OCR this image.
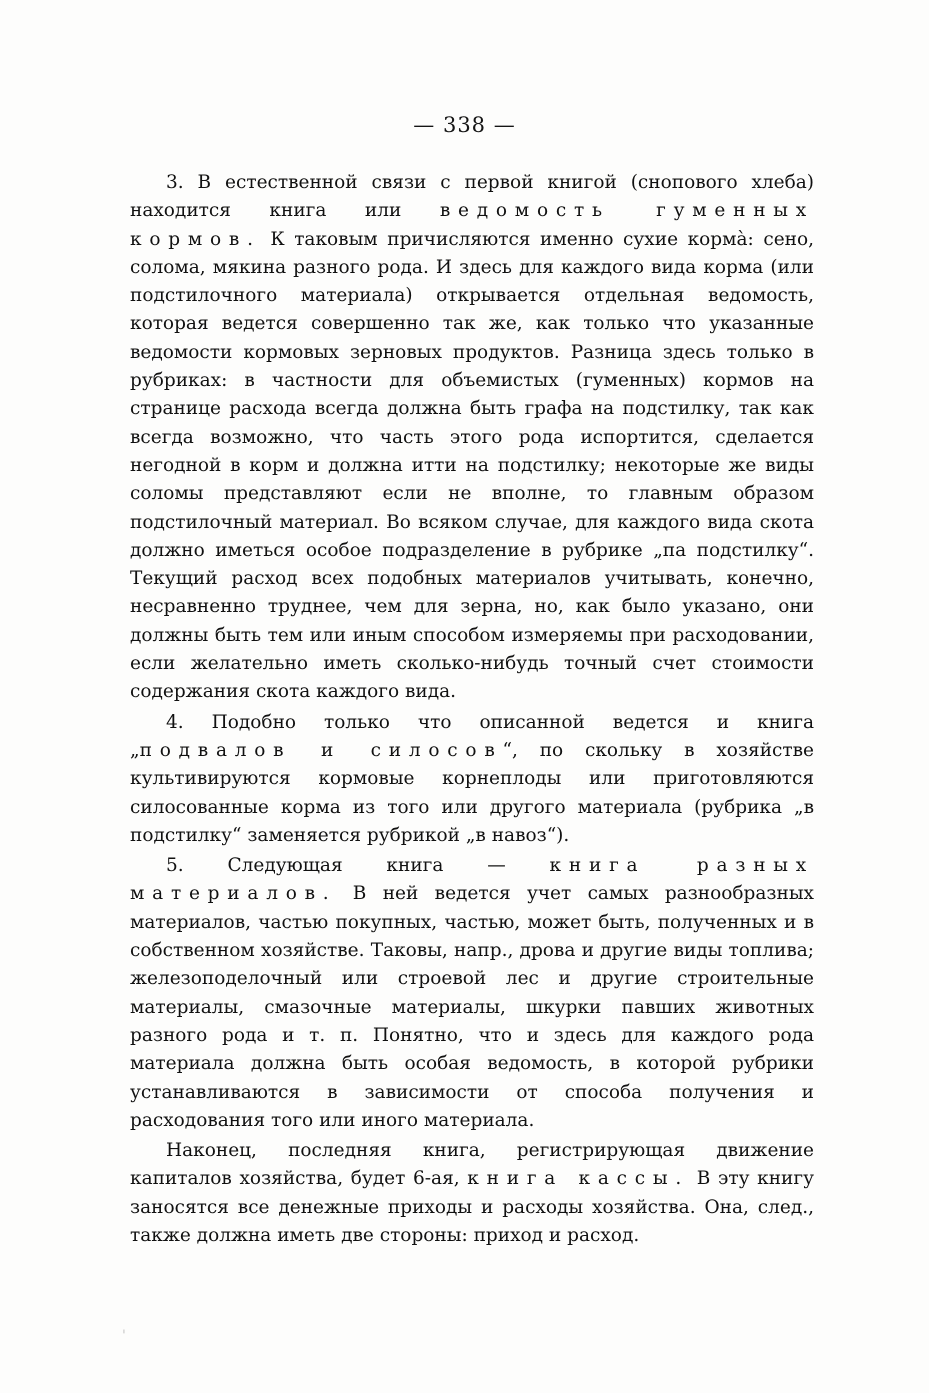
— 338 —

3. В естественной связи с первой книгой (снопового хлеба) находится книга или ведомость гуменных кормов. К таковым причисляются именно сухие корма̀: сено, солома, мякина разного рода. И здесь для каждого вида корма (или подстилочного материала) открывается отдельная ведомость, которая ведется совершенно так же, как только что указанные ведомости кормовых зерновых продуктов. Разница здесь только в рубриках: в частности для объемистых (гуменных) кормов на странице расхода всегда должна быть графа на подстилку, так как всегда возможно, что часть этого рода испортится, сделается негодной в корм и должна итти на подстилку; некоторые же виды соломы представляют если не вполне, то главным образом подстилочный материал. Во всяком случае, для каждого вида скота должно иметься особое подразделение в рубрике „па подстилку“. Текущий расход всех подобных материалов учитывать, конечно, несравненно труднее, чем для зерна, но, как было указано, они должны быть тем или иным способом измеряемы при расходовании, если желательно иметь сколько-нибудь точный счет стоимости содержания скота каждого вида.

4. Подобно только что описанной ведется и книга „подвалов и силосов“, по скольку в хозяйстве культивируются кормовые корнеплоды или приготовляются силосованные корма из того или другого материала (рубрика „в подстилку“ заменяется рубрикой „в навоз“).

5. Следующая книга — книга разных материалов. В ней ведется учет самых разнообразных материалов, частью покупных, частью, может быть, полученных и в собственном хозяйстве. Таковы, напр., дрова и другие виды топлива; железоподелочный или строевой лес и другие строительные материалы, смазочные материалы, шкурки павших животных разного рода и т. п. Понятно, что и здесь для каждого рода материала должна быть особая ведомость, в которой рубрики устанавливаются в зависимости от способа получения и расходования того или иного материала.

Наконец, последняя книга, регистрирующая движение капиталов хозяйства, будет 6-ая, книга кассы. В эту книгу заносятся все денежные приходы и расходы хозяйства. Она, след., также должна иметь две стороны: приход и расход.

'
